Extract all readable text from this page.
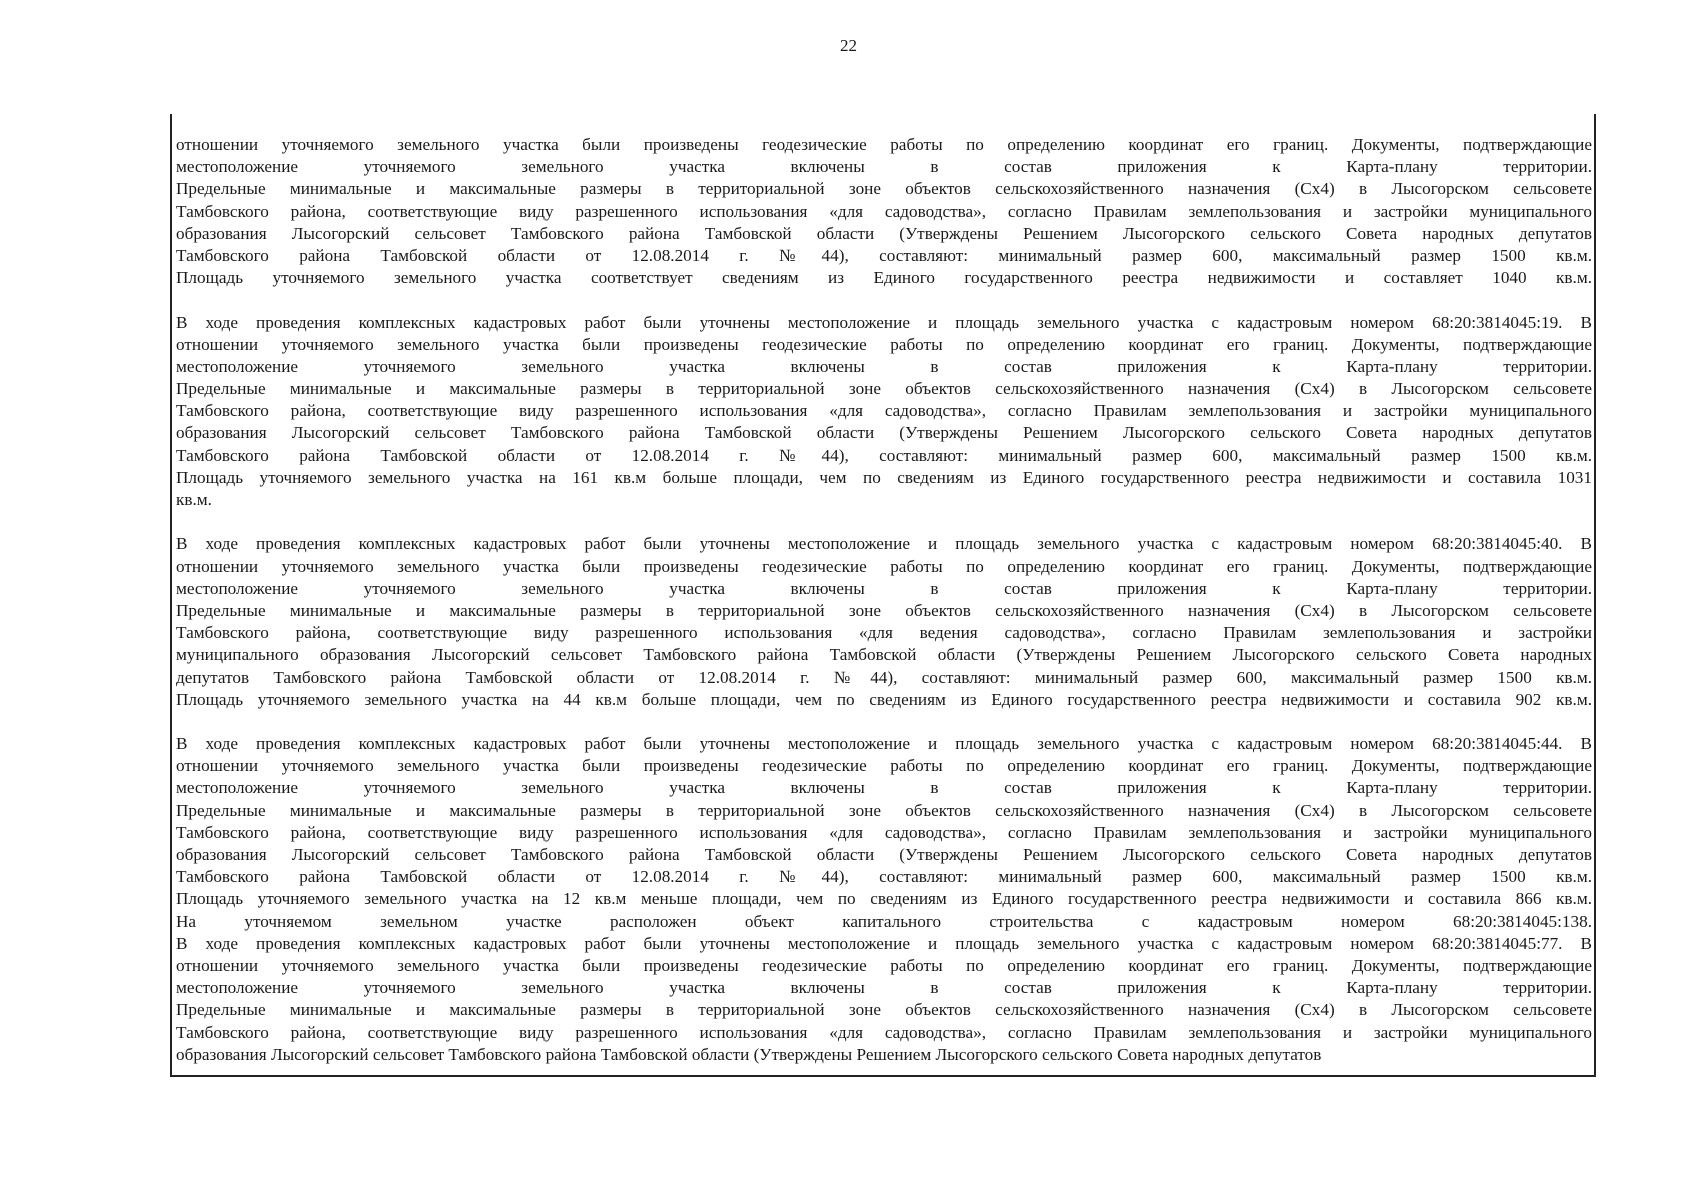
22
отношении уточняемого земельного участка были произведены геодезические работы по определению координат его границ. Документы, подтверждающие
местоположение уточняемого земельного участка включены в состав приложения к Карта-плану территории.
Предельные минимальные и максимальные размеры в территориальной зоне объектов сельскохозяйственного назначения (Сх4) в Лысогорском сельсовете
Тамбовского района, соответствующие виду разрешенного использования «для садоводства», согласно Правилам землепользования и застройки муниципального
образования Лысогорский сельсовет Тамбовского района Тамбовской области (Утверждены Решением Лысогорского сельского Совета народных депутатов
Тамбовского района Тамбовской области от 12.08.2014 г. №44), составляют: минимальный размер 600, максимальный размер 1500 кв.м.
Площадь уточняемого земельного участка соответствует сведениям из Единого государственного реестра недвижимости и составляет 1040 кв.м.
В ходе проведения комплексных кадастровых работ были уточнены местоположение и площадь земельного участка с кадастровым номером 68:20:3814045:19. В
отношении уточняемого земельного участка были произведены геодезические работы по определению координат его границ. Документы, подтверждающие
местоположение уточняемого земельного участка включены в состав приложения к Карта-плану территории.
Предельные минимальные и максимальные размеры в территориальной зоне объектов сельскохозяйственного назначения (Сх4) в Лысогорском сельсовете
Тамбовского района, соответствующие виду разрешенного использования «для садоводства», согласно Правилам землепользования и застройки муниципального
образования Лысогорский сельсовет Тамбовского района Тамбовской области (Утверждены Решением Лысогорского сельского Совета народных депутатов
Тамбовского района Тамбовской области от 12.08.2014 г. №44), составляют: минимальный размер 600, максимальный размер 1500 кв.м.
Площадь уточняемого земельного участка на 161 кв.м больше площади, чем по сведениям из Единого государственного реестра недвижимости и составила 1031
кв.м.
В ходе проведения комплексных кадастровых работ были уточнены местоположение и площадь земельного участка с кадастровым номером 68:20:3814045:40. В
отношении уточняемого земельного участка были произведены геодезические работы по определению координат его границ. Документы, подтверждающие
местоположение уточняемого земельного участка включены в состав приложения к Карта-плану территории.
Предельные минимальные и максимальные размеры в территориальной зоне объектов сельскохозяйственного назначения (Сх4) в Лысогорском сельсовете
Тамбовского района, соответствующие виду разрешенного использования «для ведения садоводства», согласно Правилам землепользования и застройки
муниципального образования Лысогорский сельсовет Тамбовского района Тамбовской области (Утверждены Решением Лысогорского сельского Совета народных
депутатов Тамбовского района Тамбовской области от 12.08.2014 г. №44), составляют: минимальный размер 600, максимальный размер 1500 кв.м.
Площадь уточняемого земельного участка на 44 кв.м больше площади, чем по сведениям из Единого государственного реестра недвижимости и составила 902 кв.м.
В ходе проведения комплексных кадастровых работ были уточнены местоположение и площадь земельного участка с кадастровым номером 68:20:3814045:44. В
отношении уточняемого земельного участка были произведены геодезические работы по определению координат его границ. Документы, подтверждающие
местоположение уточняемого земельного участка включены в состав приложения к Карта-плану территории.
Предельные минимальные и максимальные размеры в территориальной зоне объектов сельскохозяйственного назначения (Сх4) в Лысогорском сельсовете
Тамбовского района, соответствующие виду разрешенного использования «для садоводства», согласно Правилам землепользования и застройки муниципального
образования Лысогорский сельсовет Тамбовского района Тамбовской области (Утверждены Решением Лысогорского сельского Совета народных депутатов
Тамбовского района Тамбовской области от 12.08.2014 г. №44), составляют: минимальный размер 600, максимальный размер 1500 кв.м.
Площадь уточняемого земельного участка на 12 кв.м меньше площади, чем по сведениям из Единого государственного реестра недвижимости и составила 866 кв.м.
На уточняемом земельном участке расположен объект капитального строительства с кадастровым номером 68:20:3814045:138.
В ходе проведения комплексных кадастровых работ были уточнены местоположение и площадь земельного участка с кадастровым номером 68:20:3814045:77. В
отношении уточняемого земельного участка были произведены геодезические работы по определению координат его границ. Документы, подтверждающие
местоположение уточняемого земельного участка включены в состав приложения к Карта-плану территории.
Предельные минимальные и максимальные размеры в территориальной зоне объектов сельскохозяйственного назначения (Сх4) в Лысогорском сельсовете
Тамбовского района, соответствующие виду разрешенного использования «для садоводства», согласно Правилам землепользования и застройки муниципального
образования Лысогорский сельсовет Тамбовского района Тамбовской области (Утверждены Решением Лысогорского сельского Совета народных депутатов
